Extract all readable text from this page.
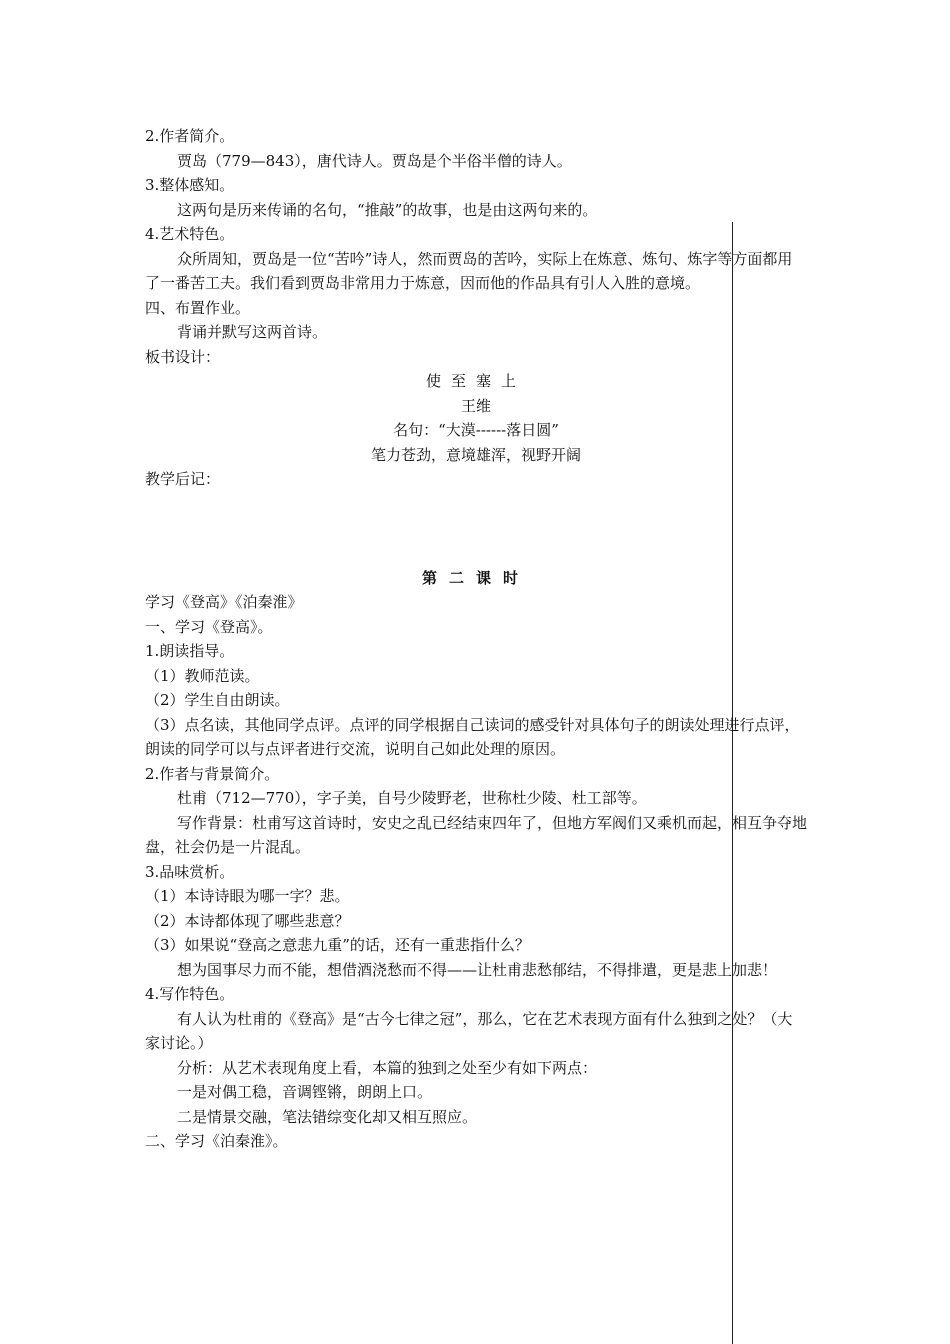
2.作者简介。

贾岛（779—843），唐代诗人。贾岛是个半俗半僧的诗人。

3.整体感知。

这两句是历来传诵的名句，“推敲”的故事，也是由这两句来的。

4.艺术特色。

众所周知，贾岛是一位“苦吟”诗人，然而贾岛的苦吟，实际上在炼意、炼句、炼字等方面都用了一番苦工夫。我们看到贾岛非常用力于炼意，因而他的作品具有引人入胜的意境。

四、布置作业。

背诵并默写这两首诗。

板书设计：

使至塞上

王维

名句：“大漠------落日圆”

笔力苍劲，意境雄浑，视野开阔

教学后记：

第二课时

学习《登高》《泊秦淮》

一、学习《登高》。

1.朗读指导。

（1）教师范读。

（2）学生自由朗读。

（3）点名读，其他同学点评。点评的同学根据自己读词的感受针对具体句子的朗读处理进行点评，朗读的同学可以与点评者进行交流，说明自己如此处理的原因。

2.作者与背景简介。

杜甫（712—770），字子美，自号少陵野老，世称杜少陵、杜工部等。

写作背景：杜甫写这首诗时，安史之乱已经结束四年了，但地方军阀们又乘机而起，相互争夺地盘，社会仍是一片混乱。

3.品味赏析。

（1）本诗诗眼为哪一字？悲。

（2）本诗都体现了哪些悲意？

（3）如果说“登高之意悲九重”的话，还有一重悲指什么？

想为国事尽力而不能，想借酒浇愁而不得——让杜甫悲愁郁结，不得排遣，更是悲上加悲！

4.写作特色。

有人认为杜甫的《登高》是“古今七律之冠”，那么，它在艺术表现方面有什么独到之处？（大家讨论。）

分析：从艺术表现角度上看，本篇的独到之处至少有如下两点：

一是对偶工稳，音调铿锵，朗朗上口。

二是情景交融，笔法错综变化却又相互照应。

二、学习《泊秦淮》。
